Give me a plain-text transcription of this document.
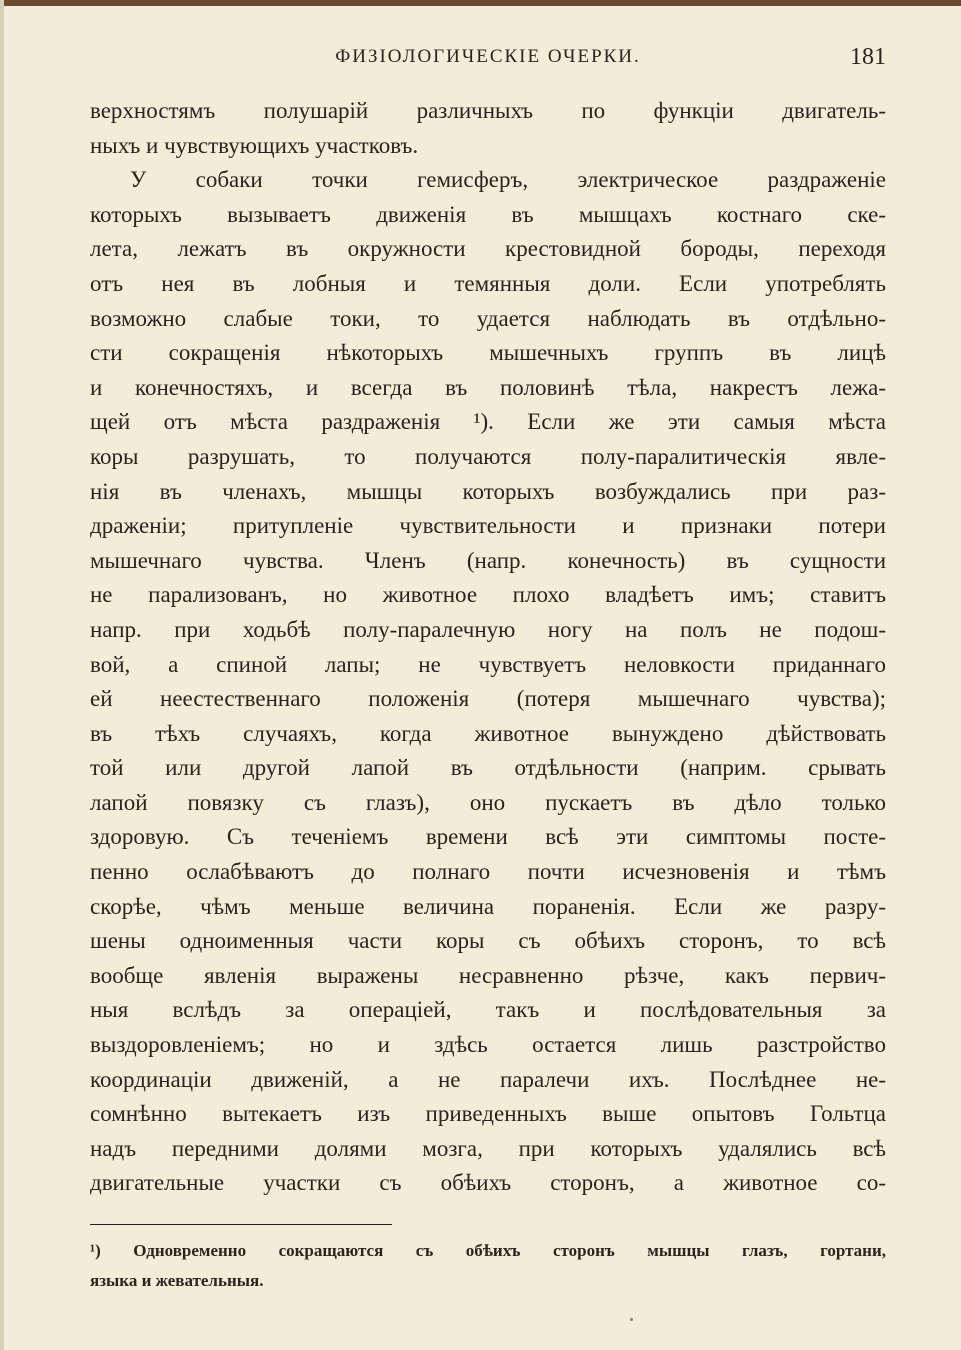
ФИЗІОЛОГИЧЕСКІЕ ОЧЕРКИ.	181
верхностямъ полушарій различныхъ по функціи двигатель-
ныхъ и чувствующихъ участковъ.
У собаки точки гемисферъ, электрическое раздраженіе
которыхъ вызываетъ движенія въ мышцахъ костнаго ске-
лета, лежатъ въ окружности крестовидной бороды, переходя
отъ нея въ лобныя и темянныя доли. Если употреблять
возможно слабые токи, то удается наблюдать въ отдѣльно-
сти сокращенія нѣкоторыхъ мышечныхъ группъ въ лицѣ
и конечностяхъ, и всегда въ половинѣ тѣла, накрестъ лежа-
щей отъ мѣста раздраженія ¹). Если же эти самыя мѣста
коры разрушать, то получаются полу-паралитическія явле-
нія въ членахъ, мышцы которыхъ возбуждались при раз-
драженіи; притупленіе чувствительности и признаки потери
мышечнаго чувства. Членъ (напр. конечность) въ сущности
не парализованъ, но животное плохо владѣетъ имъ; ставитъ
напр. при ходьбѣ полу-паралечную ногу на полъ не подош-
вой, а спиной лапы; не чувствуетъ неловкости приданнаго
ей неестественнаго положенія (потеря мышечнаго чувства);
въ тѣхъ случаяхъ, когда животное вынуждено дѣйствовать
той или другой лапой въ отдѣльности (наприм. срывать
лапой повязку съ глазъ), оно пускаетъ въ дѣло только
здоровую. Съ теченіемъ времени всѣ эти симптомы посте-
пенно ослабѣваютъ до полнаго почти исчезновенія и тѣмъ
скорѣе, чѣмъ меньше величина пораненія. Если же разру-
шены одноименныя части коры съ обѣихъ сторонъ, то всѣ
вообще явленія выражены несравненно рѣзче, какъ первич-
ныя вслѣдъ за операціей, такъ и послѣдовательныя за
выздоровленіемъ; но и здѣсь остается лишь разстройство
координаціи движеній, а не паралечи ихъ. Послѣднее не-
сомнѣнно вытекаетъ изъ приведенныхъ выше опытовъ Гольтца
надъ передними долями мозга, при которыхъ удалялись всѣ
двигательные участки съ обѣихъ сторонъ, а животное со-
¹) Одновременно сокращаются съ обѣихъ сторонъ мышцы глазъ, гортани,
языка и жевательныя.
